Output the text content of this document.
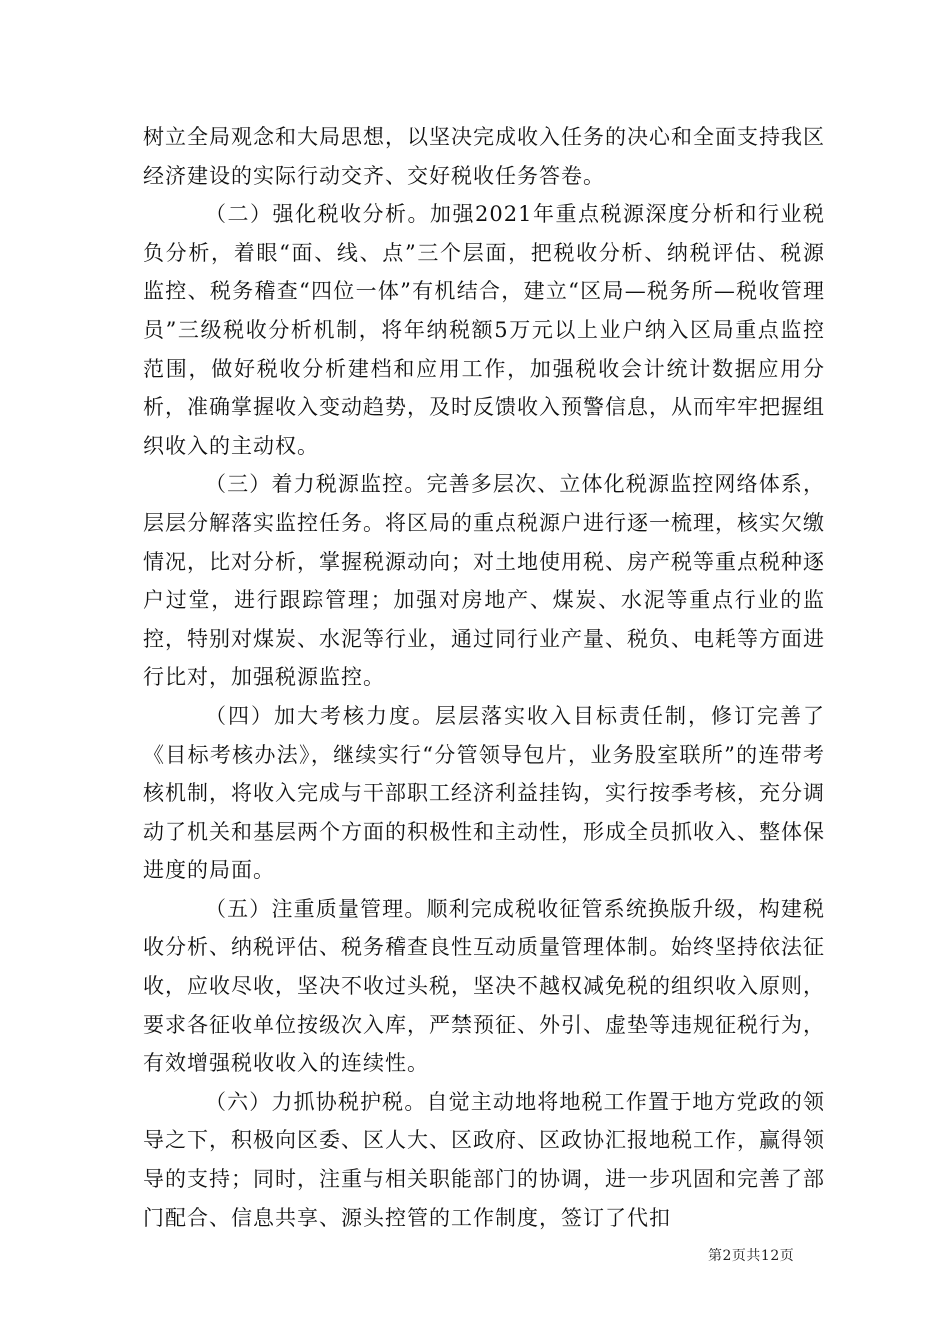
树立全局观念和大局思想，以坚决完成收入任务的决心和全面支持我区经济建设的实际行动交齐、交好税收任务答卷。

（二）强化税收分析。加强2021年重点税源深度分析和行业税负分析，着眼“面、线、点”三个层面，把税收分析、纳税评估、税源监控、税务稽查“四位一体”有机结合，建立“区局—税务所—税收管理员”三级税收分析机制，将年纳税额5万元以上业户纳入区局重点监控范围，做好税收分析建档和应用工作，加强税收会计统计数据应用分析，准确掌握收入变动趋势，及时反馈收入预警信息，从而牢牢把握组织收入的主动权。

（三）着力税源监控。完善多层次、立体化税源监控网络体系，层层分解落实监控任务。将区局的重点税源户进行逐一梳理，核实欠缴情况，比对分析，掌握税源动向；对土地使用税、房产税等重点税种逐户过堂，进行跟踪管理；加强对房地产、煤炭、水泥等重点行业的监控，特别对煤炭、水泥等行业，通过同行业产量、税负、电耗等方面进行比对，加强税源监控。

（四）加大考核力度。层层落实收入目标责任制，修订完善了《目标考核办法》，继续实行“分管领导包片，业务股室联所”的连带考核机制，将收入完成与干部职工经济利益挂钩，实行按季考核，充分调动了机关和基层两个方面的积极性和主动性，形成全员抓收入、整体保进度的局面。

（五）注重质量管理。顺利完成税收征管系统换版升级，构建税收分析、纳税评估、税务稽查良性互动质量管理体制。始终坚持依法征收，应收尽收，坚决不收过头税，坚决不越权减免税的组织收入原则，要求各征收单位按级次入库，严禁预征、外引、虚垫等违规征税行为，有效增强税收收入的连续性。

（六）力抓协税护税。自觉主动地将地税工作置于地方党政的领导之下，积极向区委、区人大、区政府、区政协汇报地税工作，赢得领导的支持；同时，注重与相关职能部门的协调，进一步巩固和完善了部门配合、信息共享、源头控管的工作制度，签订了代扣

第2页共12页
